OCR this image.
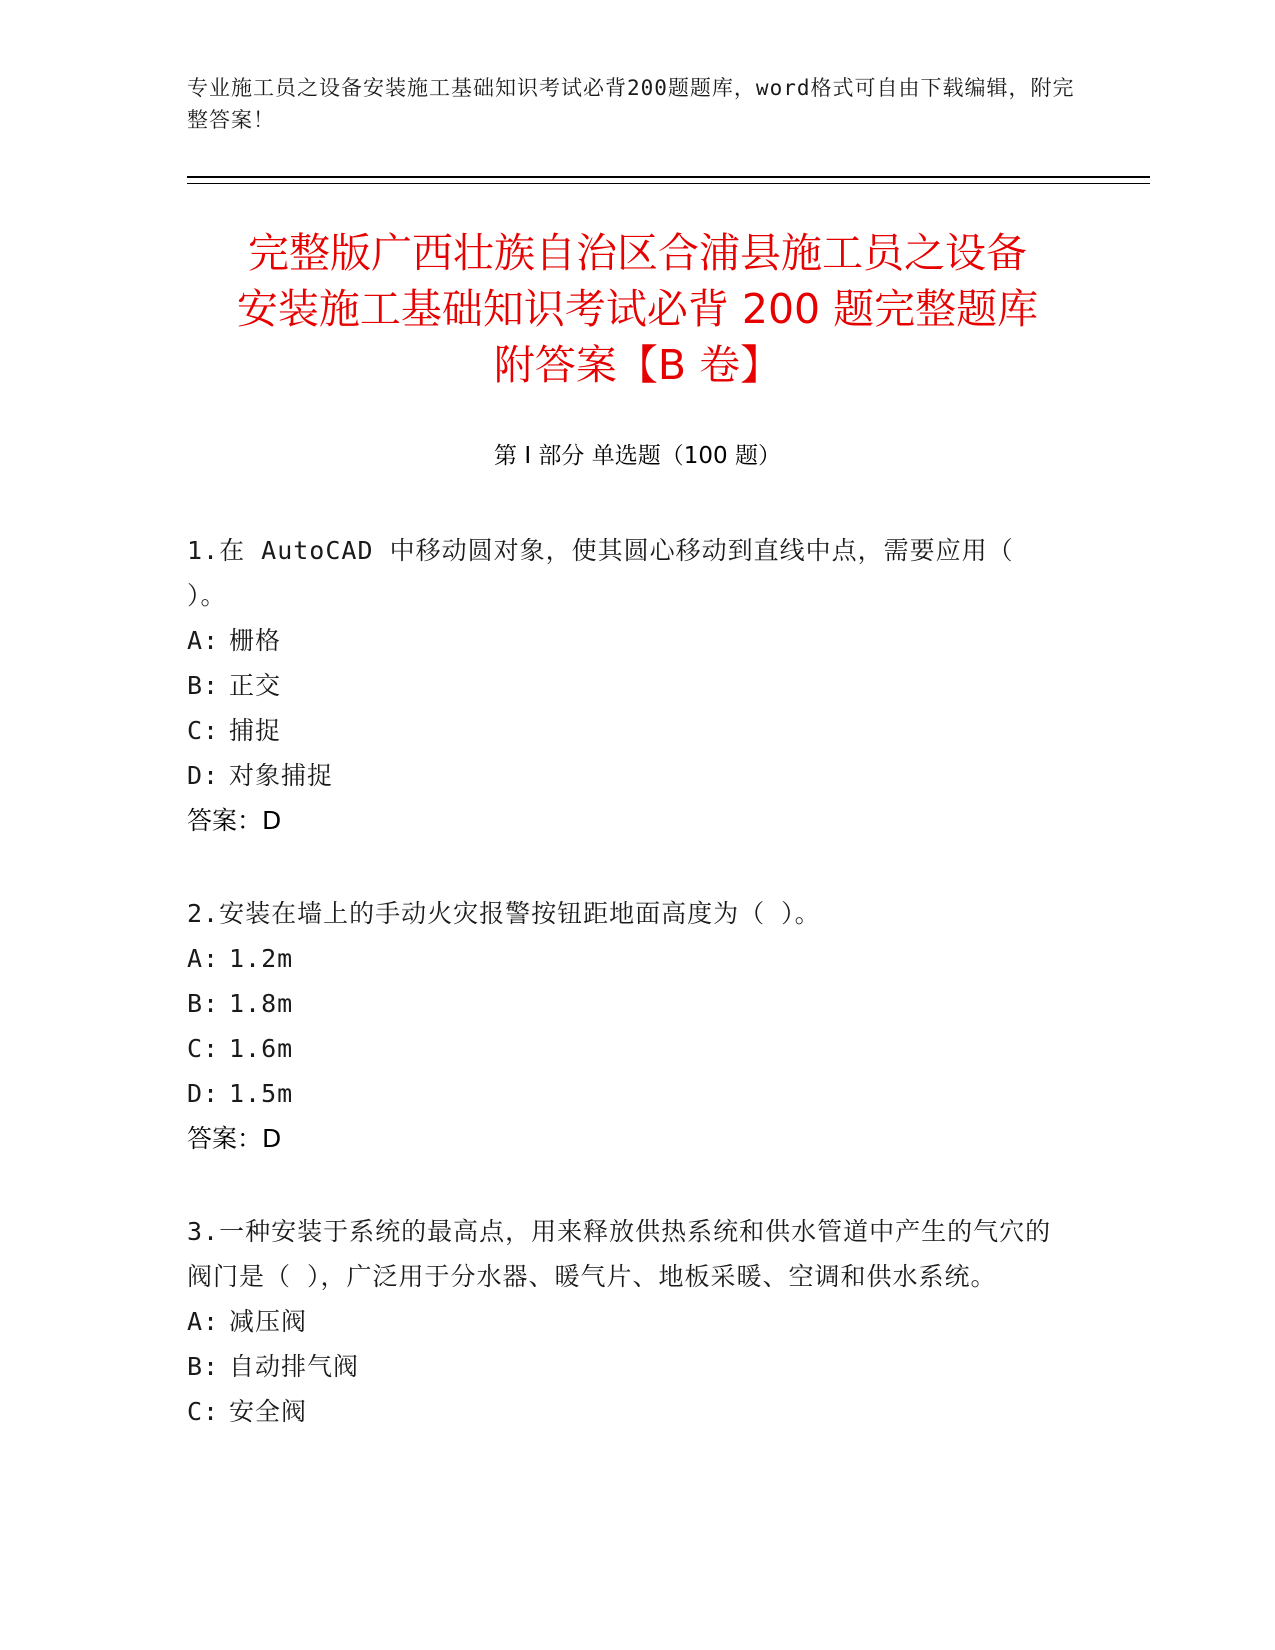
专业施工员之设备安装施工基础知识考试必背200题题库，word格式可自由下载编辑，附完整答案！
完整版广西壮族自治区合浦县施工员之设备
安装施工基础知识考试必背 200 题完整题库
附答案【B 卷】
第 I 部分 单选题（100 题）
1.在 AutoCAD 中移动圆对象，使其圆心移动到直线中点，需要应用（ ）。
A: 栅格
B: 正交
C: 捕捉
D: 对象捕捉
答案：D
2.安装在墙上的手动火灾报警按钮距地面高度为（ ）。
A: 1.2m
B: 1.8m
C: 1.6m
D: 1.5m
答案：D
3.一种安装于系统的最高点，用来释放供热系统和供水管道中产生的气穴的阀门是（ ），广泛用于分水器、暖气片、地板采暖、空调和供水系统。
A: 减压阀
B: 自动排气阀
C: 安全阀
